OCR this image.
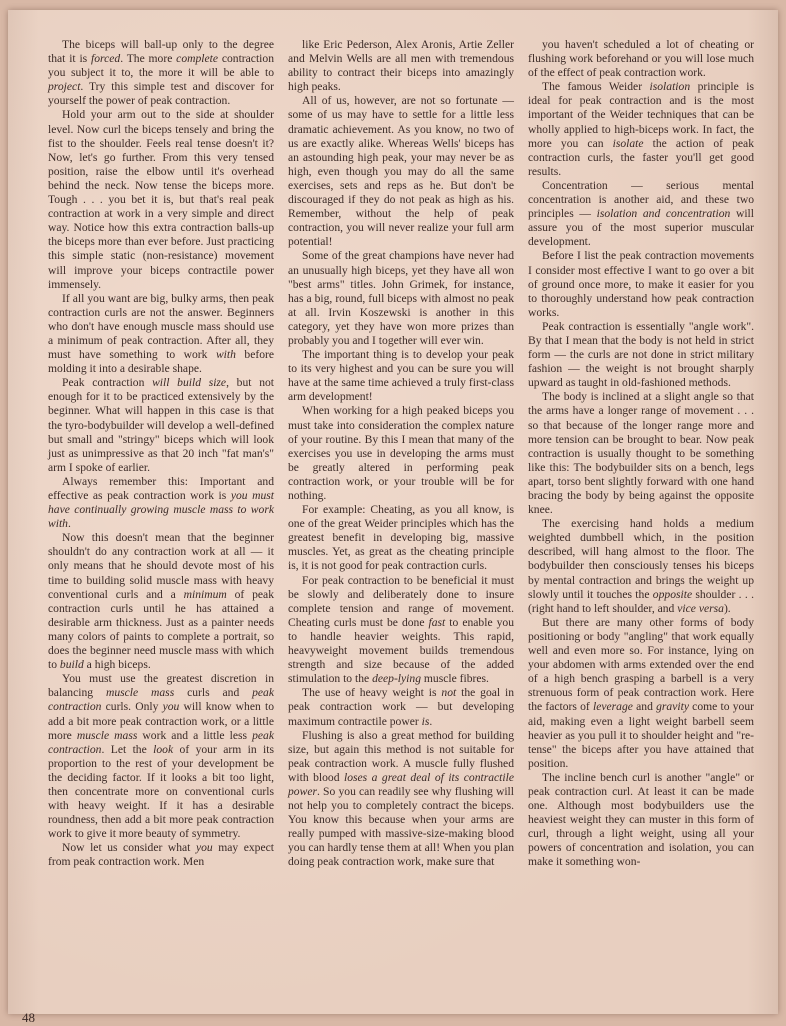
The biceps will ball-up only to the degree that it is forced. The more complete contraction you subject it to, the more it will be able to project. Try this simple test and discover for yourself the power of peak contraction.

Hold your arm out to the side at shoulder level. Now curl the biceps tensely and bring the fist to the shoulder. Feels real tense doesn't it? Now, let's go further. From this very tensed position, raise the elbow until it's overhead behind the neck. Now tense the biceps more. Tough . . . you bet it is, but that's real peak contraction at work in a very simple and direct way. Notice how this extra contraction balls-up the biceps more than ever before. Just practicing this simple static (non-resistance) movement will improve your biceps contractile power immensely.

If all you want are big, bulky arms, then peak contraction curls are not the answer. Beginners who don't have enough muscle mass should use a minimum of peak contraction. After all, they must have something to work with before molding it into a desirable shape.

Peak contraction will build size, but not enough for it to be practiced extensively by the beginner. What will happen in this case is that the tyro-bodybuilder will develop a well-defined but small and "stringy" biceps which will look just as unimpressive as that 20 inch "fat man's" arm I spoke of earlier.

Always remember this: Important and effective as peak contraction work is you must have continually growing muscle mass to work with.

Now this doesn't mean that the beginner shouldn't do any contraction work at all — it only means that he should devote most of his time to building solid muscle mass with heavy conventional curls and a minimum of peak contraction curls until he has attained a desirable arm thickness. Just as a painter needs many colors of paints to complete a portrait, so does the beginner need muscle mass with which to build a high biceps.

You must use the greatest discretion in balancing muscle mass curls and peak contraction curls. Only you will know when to add a bit more peak contraction work, or a little more muscle mass work and a little less peak contraction. Let the look of your arm in its proportion to the rest of your development be the deciding factor. If it looks a bit too light, then concentrate more on conventional curls with heavy weight. If it has a desirable roundness, then add a bit more peak contraction work to give it more beauty of symmetry.

Now let us consider what you may expect from peak contraction work. Men

like Eric Pederson, Alex Aronis, Artie Zeller and Melvin Wells are all men with tremendous ability to contract their biceps into amazingly high peaks.

All of us, however, are not so fortunate — some of us may have to settle for a little less dramatic achievement. As you know, no two of us are exactly alike. Whereas Wells' biceps has an astounding high peak, your may never be as high, even though you may do all the same exercises, sets and reps as he. But don't be discouraged if they do not peak as high as his. Remember, without the help of peak contraction, you will never realize your full arm potential!

Some of the great champions have never had an unusually high biceps, yet they have all won "best arms" titles. John Grimek, for instance, has a big, round, full biceps with almost no peak at all. Irvin Koszewski is another in this category, yet they have won more prizes than probably you and I together will ever win.

The important thing is to develop your peak to its very highest and you can be sure you will have at the same time achieved a truly first-class arm development!

When working for a high peaked biceps you must take into consideration the complex nature of your routine. By this I mean that many of the exercises you use in developing the arms must be greatly altered in performing peak contraction work, or your trouble will be for nothing.

For example: Cheating, as you all know, is one of the great Weider principles which has the greatest benefit in developing big, massive muscles. Yet, as great as the cheating principle is, it is not good for peak contraction curls.

For peak contraction to be beneficial it must be slowly and deliberately done to insure complete tension and range of movement. Cheating curls must be done fast to enable you to handle heavier weights. This rapid, heavyweight movement builds tremendous strength and size because of the added stimulation to the deep-lying muscle fibres.

The use of heavy weight is not the goal in peak contraction work — but developing maximum contractile power is.

Flushing is also a great method for building size, but again this method is not suitable for peak contraction work. A muscle fully flushed with blood loses a great deal of its contractile power. So you can readily see why flushing will not help you to completely contract the biceps. You know this because when your arms are really pumped with massive-size-making blood you can hardly tense them at all! When you plan doing peak contraction work, make sure that

you haven't scheduled a lot of cheating or flushing work beforehand or you will lose much of the effect of peak contraction work.

The famous Weider isolation principle is ideal for peak contraction and is the most important of the Weider techniques that can be wholly applied to high-biceps work. In fact, the more you can isolate the action of peak contraction curls, the faster you'll get good results.

Concentration — serious mental concentration is another aid, and these two principles — isolation and concentration will assure you of the most superior muscular development.

Before I list the peak contraction movements I consider most effective I want to go over a bit of ground once more, to make it easier for you to thoroughly understand how peak contraction works.

Peak contraction is essentially "angle work". By that I mean that the body is not held in strict form — the curls are not done in strict military fashion — the weight is not brought sharply upward as taught in old-fashioned methods.

The body is inclined at a slight angle so that the arms have a longer range of movement . . . so that because of the longer range more and more tension can be brought to bear. Now peak contraction is usually thought to be something like this: The bodybuilder sits on a bench, legs apart, torso bent slightly forward with one hand bracing the body by being against the opposite knee.

The exercising hand holds a medium weighted dumbbell which, in the position described, will hang almost to the floor. The bodybuilder then consciously tenses his biceps by mental contraction and brings the weight up slowly until it touches the opposite shoulder . . . (right hand to left shoulder, and vice versa).

But there are many other forms of body positioning or body "angling" that work equally well and even more so. For instance, lying on your abdomen with arms extended over the end of a high bench grasping a barbell is a very strenuous form of peak contraction work. Here the factors of leverage and gravity come to your aid, making even a light weight barbell seem heavier as you pull it to shoulder height and "re-tense" the biceps after you have attained that position.

The incline bench curl is another "angle" or peak contraction curl. At least it can be made one. Although most bodybuilders use the heaviest weight they can muster in this form of curl, through a light weight, using all your powers of concentration and isolation, you can make it something won-

48
